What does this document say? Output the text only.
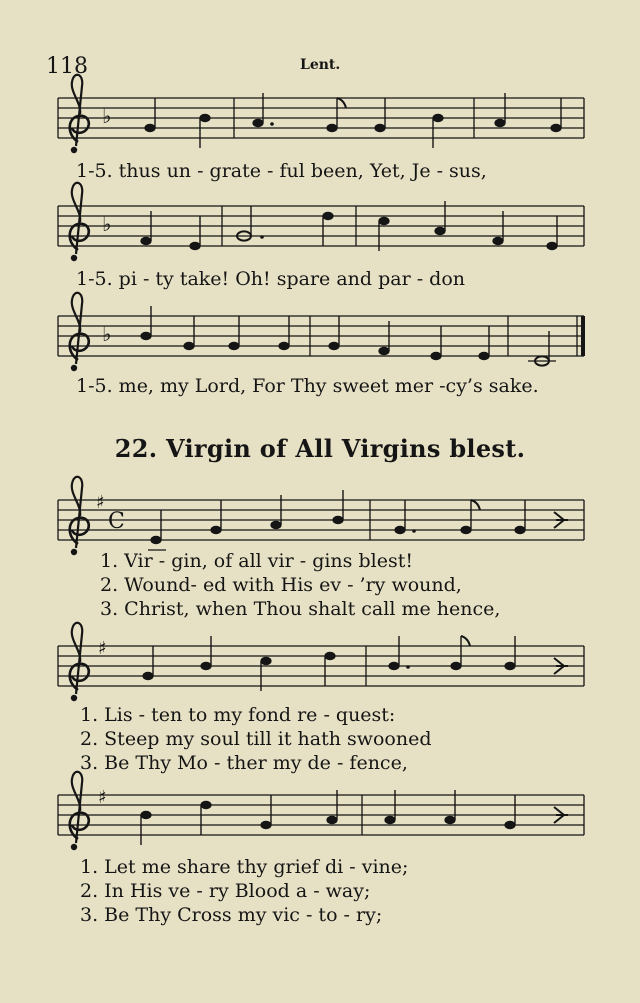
118	Lent.
♭
♭
♭
♯
C
♯
♯
1-5. thus un - grate - ful been, Yet, Je - sus,
1-5. pi - ty take! Oh! spare and par - don
1-5. me, my Lord, For Thy sweet mer -cy’s sake.
22. Virgin of All Virgins blest.
1. Vir - gin, of all vir - gins blest!
2. Wound- ed with His ev - ’ry wound,
3. Christ, when Thou shalt call me hence,
1. Lis - ten to my fond re - quest:
2. Steep my soul till it hath swooned
3. Be Thy Mo - ther my de - fence,
1. Let me share thy grief di - vine;
2. In His ve - ry Blood a - way;
3. Be Thy Cross my vic - to - ry;
